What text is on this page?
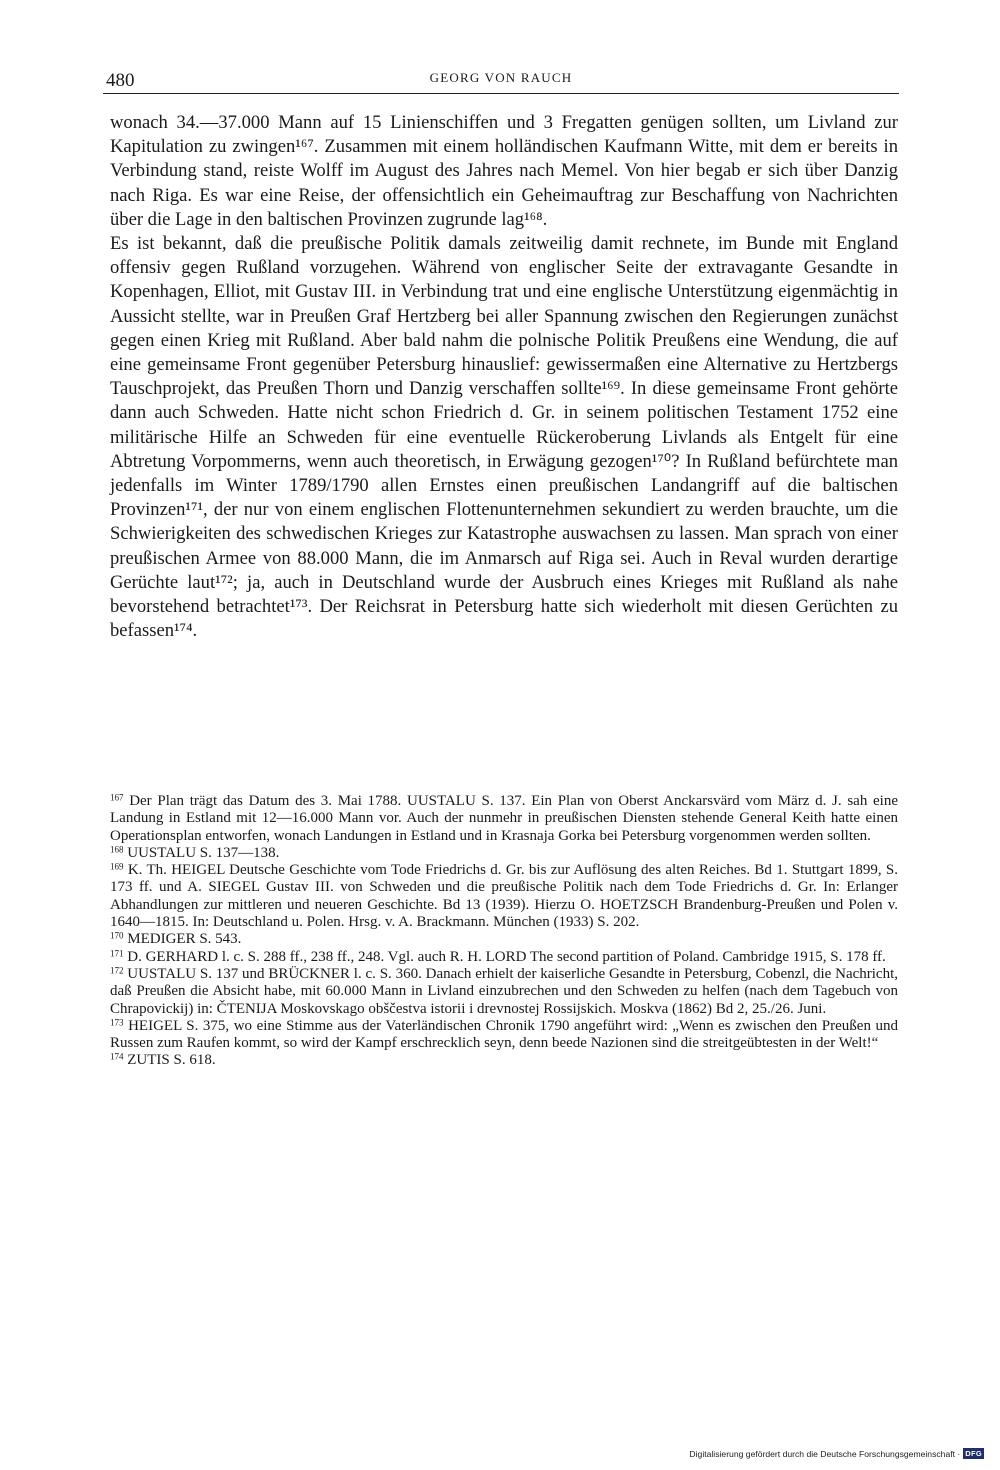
480	GEORG VON RAUCH

wonach 34.—37.000 Mann auf 15 Linienschiffen und 3 Fregatten genügen sollten, um Livland zur Kapitulation zu zwingen¹⁶⁷. Zusammen mit einem holländischen Kaufmann Witte, mit dem er bereits in Verbindung stand, reiste Wolff im August des Jahres nach Memel. Von hier begab er sich über Danzig nach Riga. Es war eine Reise, der offensichtlich ein Geheimauftrag zur Beschaffung von Nachrichten über die Lage in den baltischen Provinzen zugrunde lag¹⁶⁸.

Es ist bekannt, daß die preußische Politik damals zeitweilig damit rechnete, im Bunde mit England offensiv gegen Rußland vorzugehen. Während von englischer Seite der extravagante Gesandte in Kopenhagen, Elliot, mit Gustav III. in Verbindung trat und eine englische Unterstützung eigenmächtig in Aussicht stellte, war in Preußen Graf Hertzberg bei aller Spannung zwischen den Regierungen zunächst gegen einen Krieg mit Rußland. Aber bald nahm die polnische Politik Preußens eine Wendung, die auf eine gemeinsame Front gegenüber Petersburg hinauslief: gewissermaßen eine Alternative zu Hertzbergs Tauschprojekt, das Preußen Thorn und Danzig verschaffen sollte¹⁶⁹. In diese gemeinsame Front gehörte dann auch Schweden. Hatte nicht schon Friedrich d. Gr. in seinem politischen Testament 1752 eine militärische Hilfe an Schweden für eine eventuelle Rückeroberung Livlands als Entgelt für eine Abtretung Vorpommerns, wenn auch theoretisch, in Erwägung gezogen¹⁷⁰? In Rußland befürchtete man jedenfalls im Winter 1789/1790 allen Ernstes einen preußischen Landangriff auf die baltischen Provinzen¹⁷¹, der nur von einem englischen Flottenunternehmen sekundiert zu werden brauchte, um die Schwierigkeiten des schwedischen Krieges zur Katastrophe auswachsen zu lassen. Man sprach von einer preußischen Armee von 88.000 Mann, die im Anmarsch auf Riga sei. Auch in Reval wurden derartige Gerüchte laut¹⁷²; ja, auch in Deutschland wurde der Ausbruch eines Krieges mit Rußland als nahe bevorstehend betrachtet¹⁷³. Der Reichsrat in Petersburg hatte sich wiederholt mit diesen Gerüchten zu befassen¹⁷⁴.

$^{167}$ Der Plan trägt das Datum des 3. Mai 1788. UUSTALU S. 137. Ein Plan von Oberst Anckarsvärd vom März d. J. sah eine Landung in Estland mit 12—16.000 Mann vor. Auch der nunmehr in preußischen Diensten stehende General Keith hatte einen Operationsplan entworfen, wonach Landungen in Estland und in Krasnaja Gorka bei Petersburg vorgenommen werden sollten.

$^{168}$ UUSTALU S. 137—138.

$^{169}$ K. Th. HEIGEL Deutsche Geschichte vom Tode Friedrichs d. Gr. bis zur Auflösung des alten Reiches. Bd 1. Stuttgart 1899, S. 173 ff. und A. SIEGEL Gustav III. von Schweden und die preußische Politik nach dem Tode Friedrichs d. Gr. In: Erlanger Abhandlungen zur mittleren und neueren Geschichte. Bd 13 (1939). Hierzu O. HOETZSCH Brandenburg-Preußen und Polen v. 1640—1815. In: Deutschland u. Polen. Hrsg. v. A. Brackmann. München (1933) S. 202.

$^{170}$ MEDIGER S. 543.

$^{171}$ D. GERHARD l. c. S. 288 ff., 238 ff., 248. Vgl. auch R. H. LORD The second partition of Poland. Cambridge 1915, S. 178 ff.

$^{172}$ UUSTALU S. 137 und BRÜCKNER l. c. S. 360. Danach erhielt der kaiserliche Gesandte in Petersburg, Cobenzl, die Nachricht, daß Preußen die Absicht habe, mit 60.000 Mann in Livland einzubrechen und den Schweden zu helfen (nach dem Tagebuch von Chrapovickij) in: ČTENIJA Moskovskago obščestva istorii i drevnostej Rossijskich. Moskva (1862) Bd 2, 25./26. Juni.

$^{173}$ HEIGEL S. 375, wo eine Stimme aus der Vaterländischen Chronik 1790 angeführt wird: „Wenn es zwischen den Preußen und Russen zum Raufen kommt, so wird der Kampf erschrecklich seyn, denn beede Nazionen sind die streitgeübtesten in der Welt!“

$^{174}$ ZUTIS S. 618.

Digitalisierung gefördert durch die Deutsche Forschungsgemeinschaft · DFG
